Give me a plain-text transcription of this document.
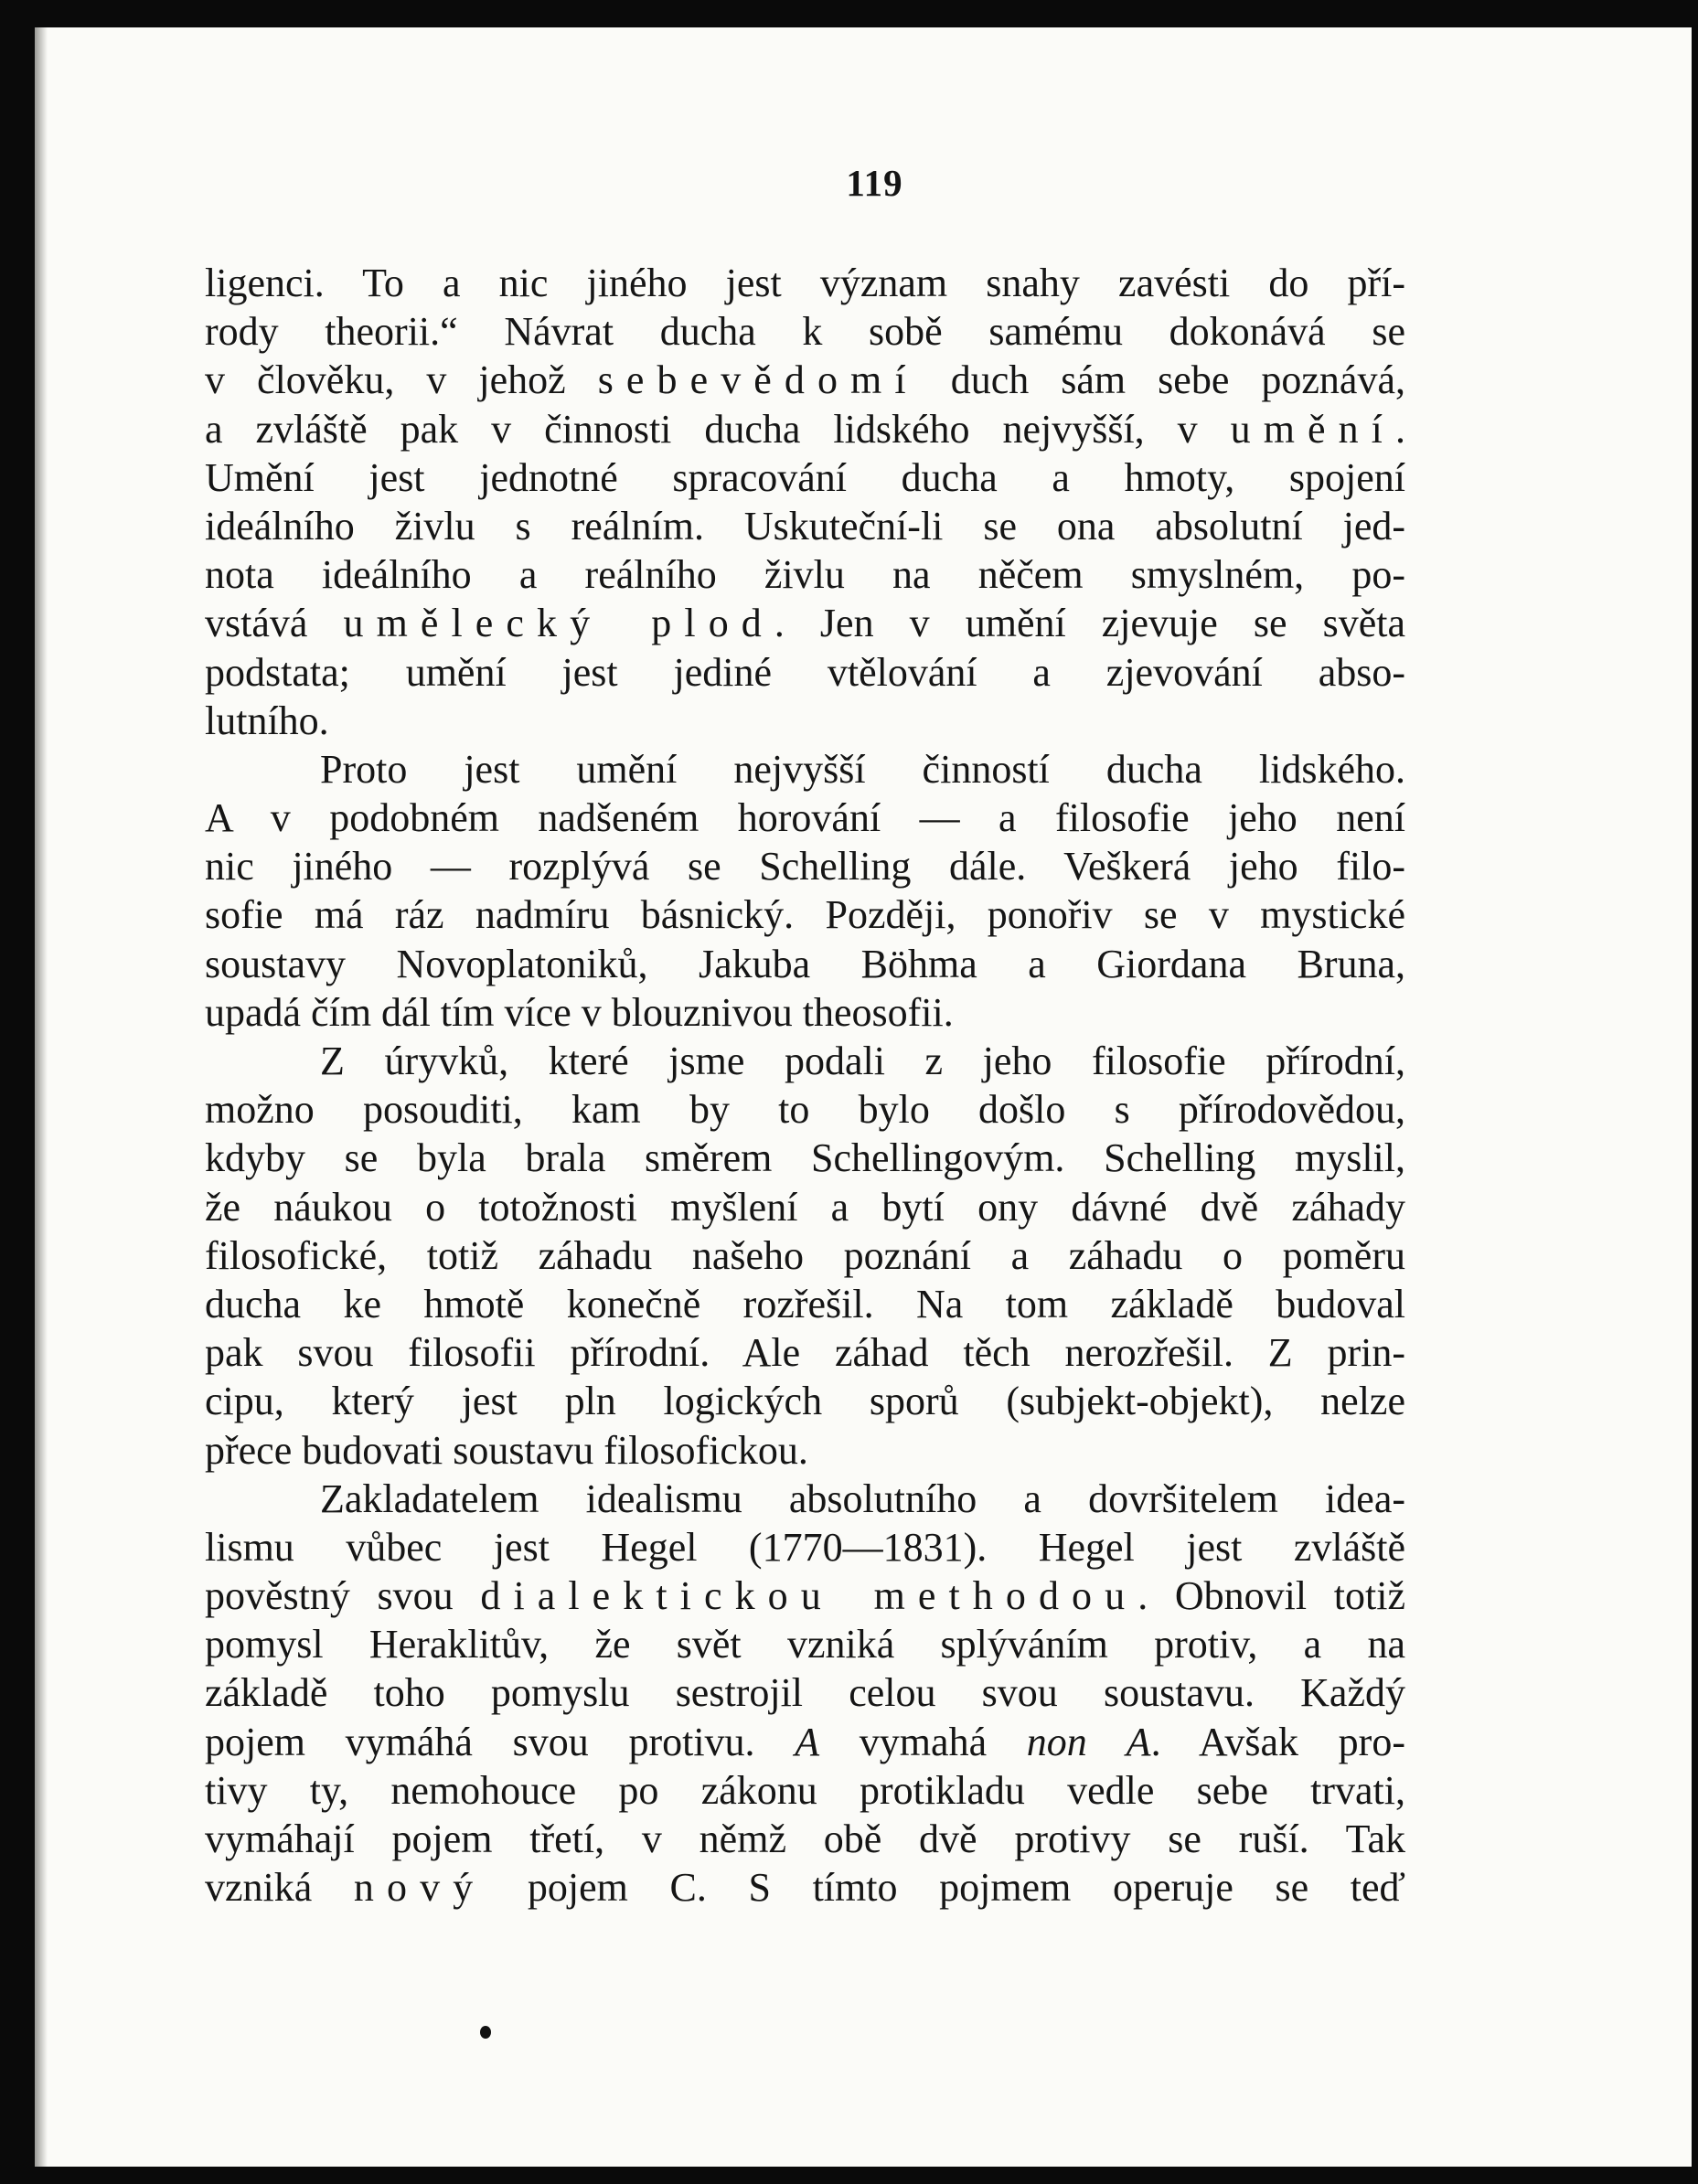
119
ligenci. To a nic jiného jest význam snahy zavésti do pří-
rody theorii.“ Návrat ducha k sobě samému dokonává se
v člověku, v jehož sebevědomí duch sám sebe poznává,
a zvláště pak v činnosti ducha lidského nejvyšší, v umění.
Umění jest jednotné spracování ducha a hmoty, spojení
ideálního živlu s reálním. Uskuteční-li se ona absolutní jed-
nota ideálního a reálního živlu na něčem smyslném, po-
vstává umělecký plod. Jen v umění zjevuje se světa
podstata; umění jest jediné vtělování a zjevování abso-
lutního.
Proto jest umění nejvyšší činností ducha lidského.
A v podobném nadšeném horování — a filosofie jeho není
nic jiného — rozplývá se Schelling dále. Veškerá jeho filo-
sofie má ráz nadmíru básnický. Později, ponořiv se v mystické
soustavy Novoplatoniků, Jakuba Böhma a Giordana Bruna,
upadá čím dál tím více v blouznivou theosofii.
Z úryvků, které jsme podali z jeho filosofie přírodní,
možno posouditi, kam by to bylo došlo s přírodovědou,
kdyby se byla brala směrem Schellingovým. Schelling myslil,
že náukou o totožnosti myšlení a bytí ony dávné dvě záhady
filosofické, totiž záhadu našeho poznání a záhadu o poměru
ducha ke hmotě konečně rozřešil. Na tom základě budoval
pak svou filosofii přírodní. Ale záhad těch nerozřešil. Z prin-
cipu, který jest pln logických sporů (subjekt-objekt), nelze
přece budovati soustavu filosofickou.
Zakladatelem idealismu absolutního a dovršitelem idea-
lismu vůbec jest Hegel (1770—1831). Hegel jest zvláště
pověstný svou dialektickou methodou. Obnovil totiž
pomysl Heraklitův, že svět vzniká splýváním protiv, a na
základě toho pomyslu sestrojil celou svou soustavu. Každý
pojem vymáhá svou protivu. A vymahá non A. Avšak pro-
tivy ty, nemohouce po zákonu protikladu vedle sebe trvati,
vymáhají pojem třetí, v němž obě dvě protivy se ruší. Tak
vzniká nový pojem C. S tímto pojmem operuje se teď
